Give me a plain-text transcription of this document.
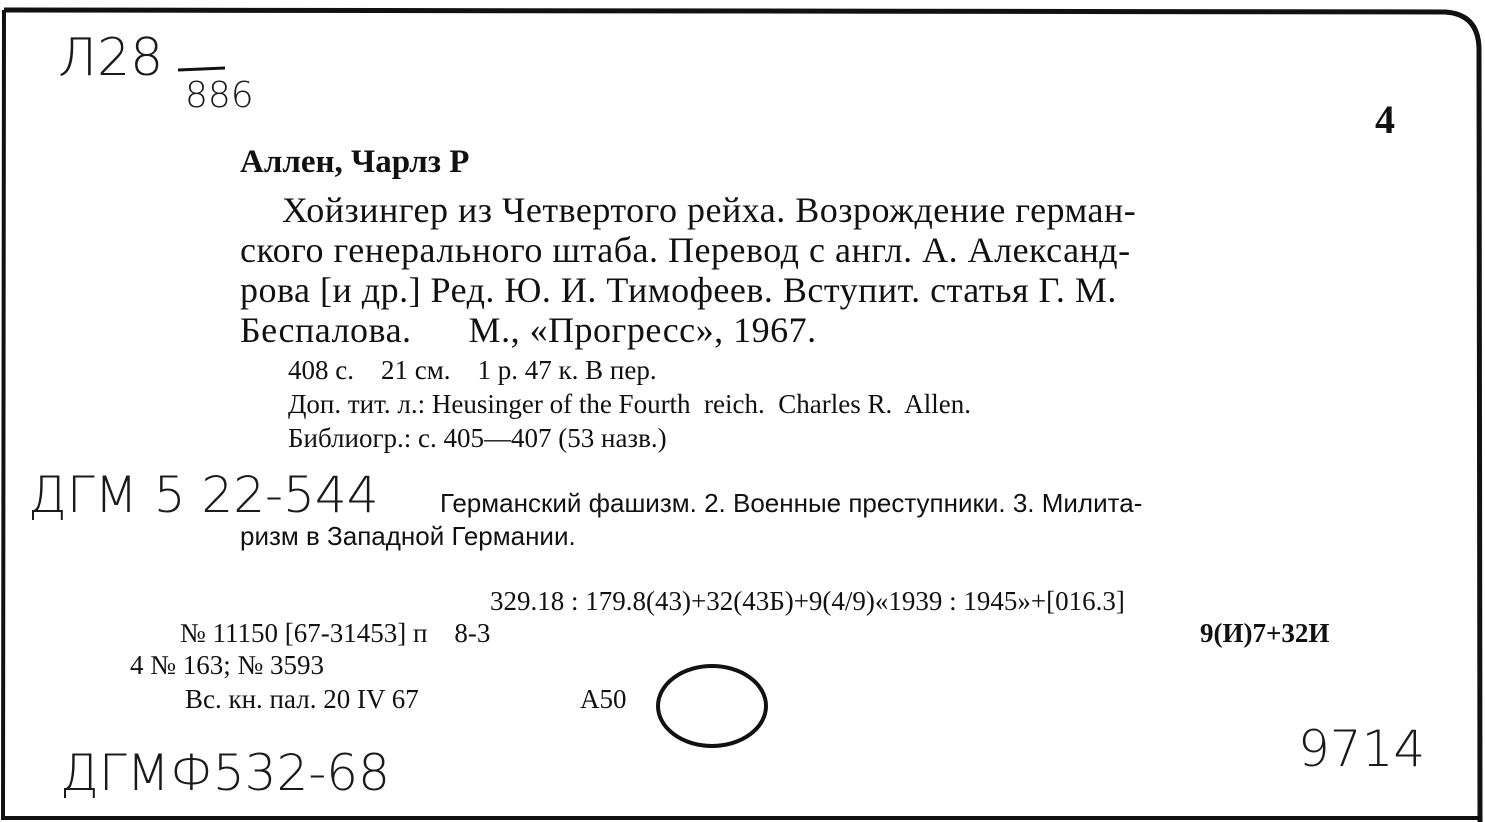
Л28
886
4
Аллен, Чарлз Р
Хойзингер из Четвертого рейха. Возрождение герман-
ского генерального штаба. Перевод с англ. А. Александ-
рова [и др.] Ред. Ю. И. Тимофеев. Вступит. статья Г. М.
Беспалова.      М., «Прогресс», 1967.
408 с.    21 см.    1 р. 47 к. В пер.
Доп. тит. л.: Heusinger of the Fourth  reich.  Charles R.  Allen.
Библиогр.: с. 405—407 (53 назв.)
ДГМ 5 22-544 Германский фашизм. 2. Военные преступники. 3. Милита-
ризм в Западной Германии.
329.18 : 179.8(43)+32(43Б)+9(4/9)«1939 : 1945»+[016.3]
№ 11150 [67-31453] п    8-3	9(И)7+32И
4 № 163; № 3593
Вс. кн. пал. 20 IV 67	А50
ДГМФ532-68	9714
